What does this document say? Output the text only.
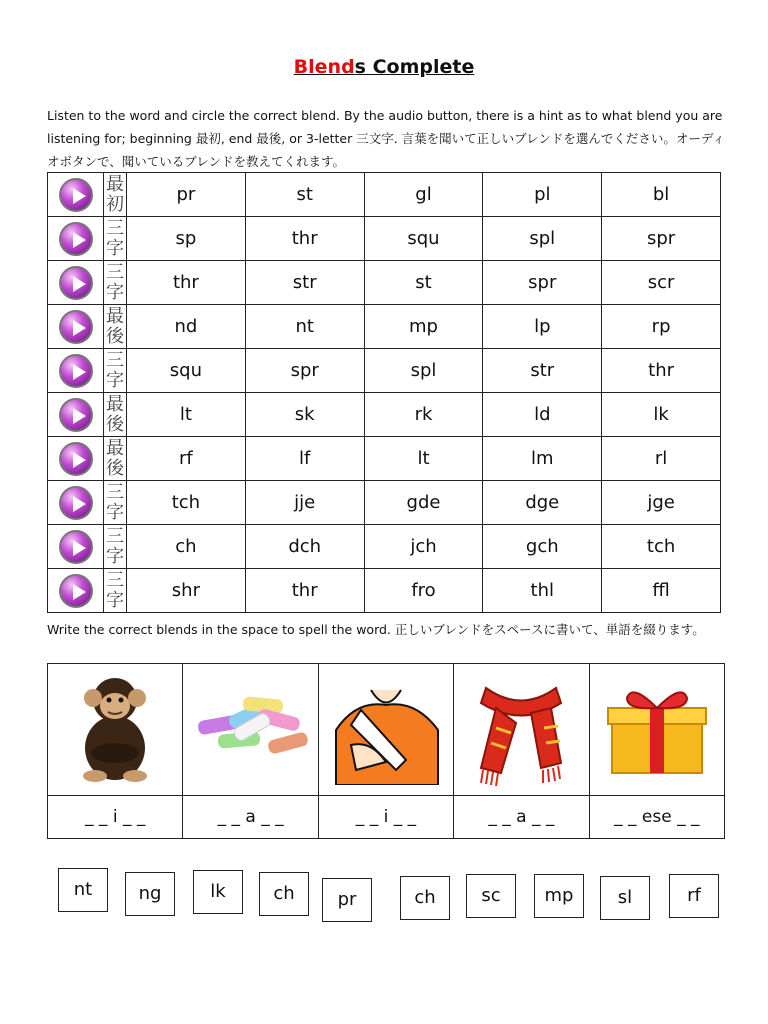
Blends Complete
Listen to the word and circle the correct blend. By the audio button, there is a hint as to what blend you are listening for; beginning 最初, end 最後, or 3-letter 三文字. 言葉を聞いて正しいブレンドを選んでください。オーディオボタンで、聞いているブレンドを教えてくれます。

	最
初	pr	st	gl	pl	bl

	三
字	sp	thr	squ	spl	spr

	三
字	thr	str	st	spr	scr

	最
後	nd	nt	mp	lp	rp

	三
字	squ	spr	spl	str	thr

	最
後	lt	sk	rk	ld	lk

	最
後	rf	lf	lt	lm	rl

	三
字	tch	jje	gde	dge	jge

	三
字	ch	dch	jch	gch	tch

	三
字	shr	thr	fro	thl	ffl
Write the correct blends in the space to spell the word. 正しいブレンドをスペースに書いて、単語を綴ります。

_ _ i _ _	_ _ a _ _	_ _ i _ _	_ _ a _ _	_ _ ese _ _
nt	ng	lk	ch	pr	ch	sc	mp	sl	rf
